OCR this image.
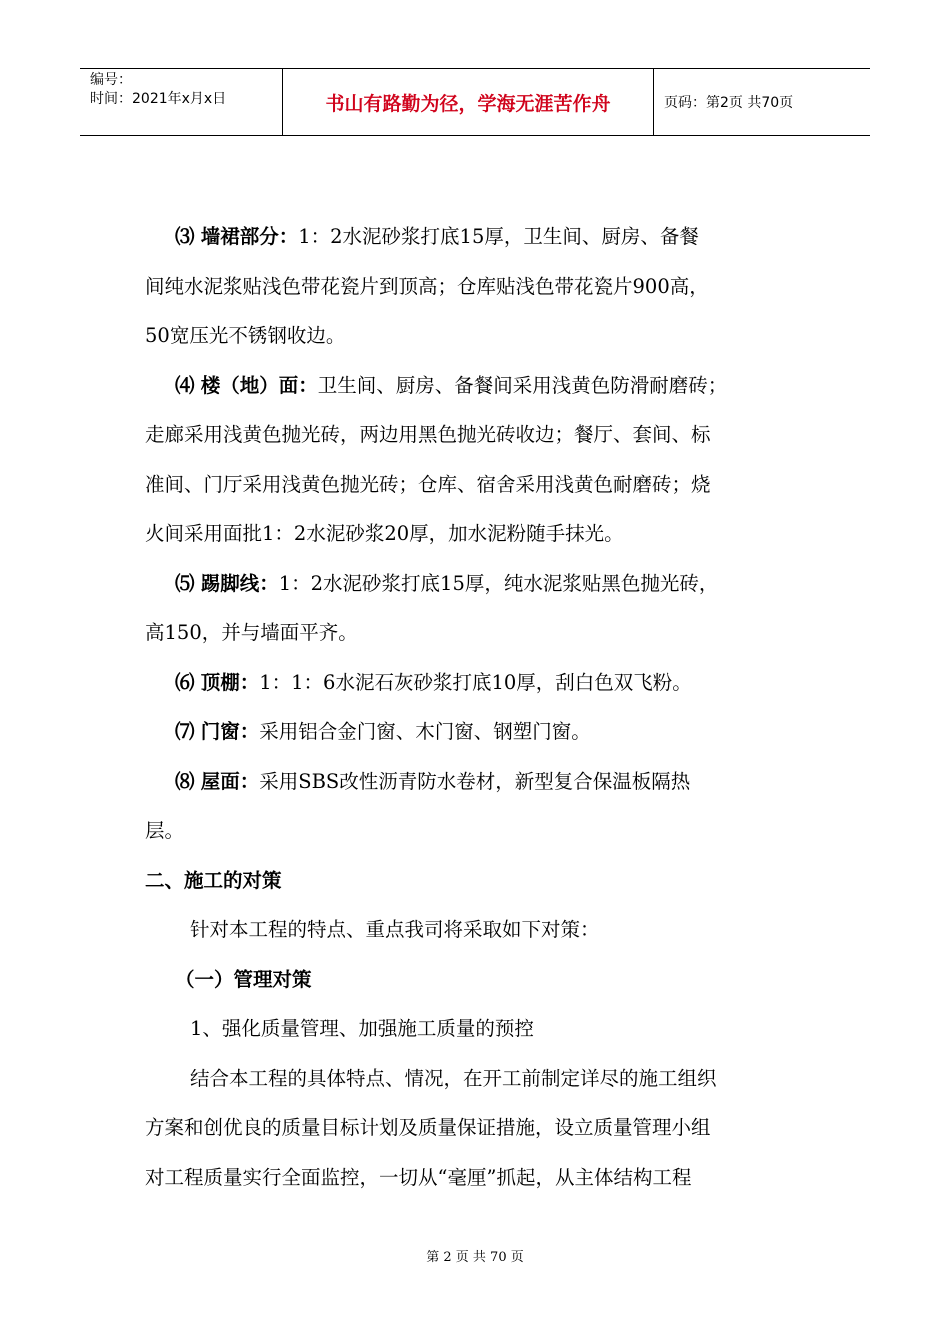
编号：
时间：2021年x月x日	书山有路勤为径，学海无涯苦作舟	页码：第2页 共70页
⑶ 墙裙部分：1：2水泥砂浆打底15厚，卫生间、厨房、备餐
间纯水泥浆贴浅色带花瓷片到顶高；仓库贴浅色带花瓷片900高，
50宽压光不锈钢收边。
⑷ 楼（地）面：卫生间、厨房、备餐间采用浅黄色防滑耐磨砖；
走廊采用浅黄色抛光砖，两边用黑色抛光砖收边；餐厅、套间、标
准间、门厅采用浅黄色抛光砖；仓库、宿舍采用浅黄色耐磨砖；烧
火间采用面批1：2水泥砂浆20厚，加水泥粉随手抹光。
⑸ 踢脚线：1：2水泥砂浆打底15厚，纯水泥浆贴黑色抛光砖，
高150，并与墙面平齐。
⑹ 顶棚：1：1：6水泥石灰砂浆打底10厚，刮白色双飞粉。
⑺ 门窗：采用铝合金门窗、木门窗、钢塑门窗。
⑻ 屋面：采用SBS改性沥青防水卷材，新型复合保温板隔热
层。
二、施工的对策
针对本工程的特点、重点我司将采取如下对策：
（一）管理对策
1、强化质量管理、加强施工质量的预控
结合本工程的具体特点、情况，在开工前制定详尽的施工组织
方案和创优良的质量目标计划及质量保证措施，设立质量管理小组
对工程质量实行全面监控，一切从“毫厘”抓起，从主体结构工程
第 2 页 共 70 页
